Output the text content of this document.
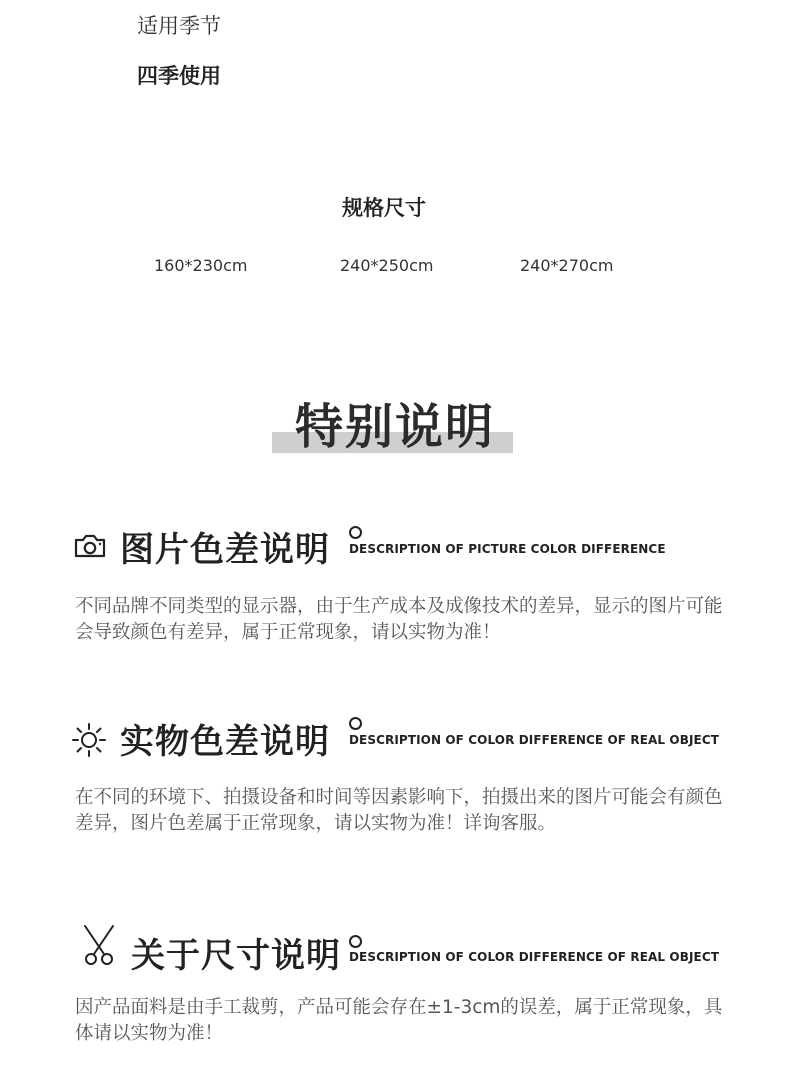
适用季节
四季使用
规格尺寸
160*230cm	240*250cm	240*270cm
特别说明
图片色差说明 DESCRIPTION OF PICTURE COLOR DIFFERENCE
不同品牌不同类型的显示器，由于生产成本及成像技术的差异，显示的图片可能会导致颜色有差异，属于正常现象，请以实物为准！
实物色差说明 DESCRIPTION OF COLOR DIFFERENCE OF REAL OBJECT
在不同的环境下、拍摄设备和时间等因素影响下，拍摄出来的图片可能会有颜色差异，图片色差属于正常现象，请以实物为准！详询客服。
关于尺寸说明 DESCRIPTION OF COLOR DIFFERENCE OF REAL OBJECT
因产品面料是由手工裁剪，产品可能会存在±1-3cm的误差，属于正常现象，具体请以实物为准！
